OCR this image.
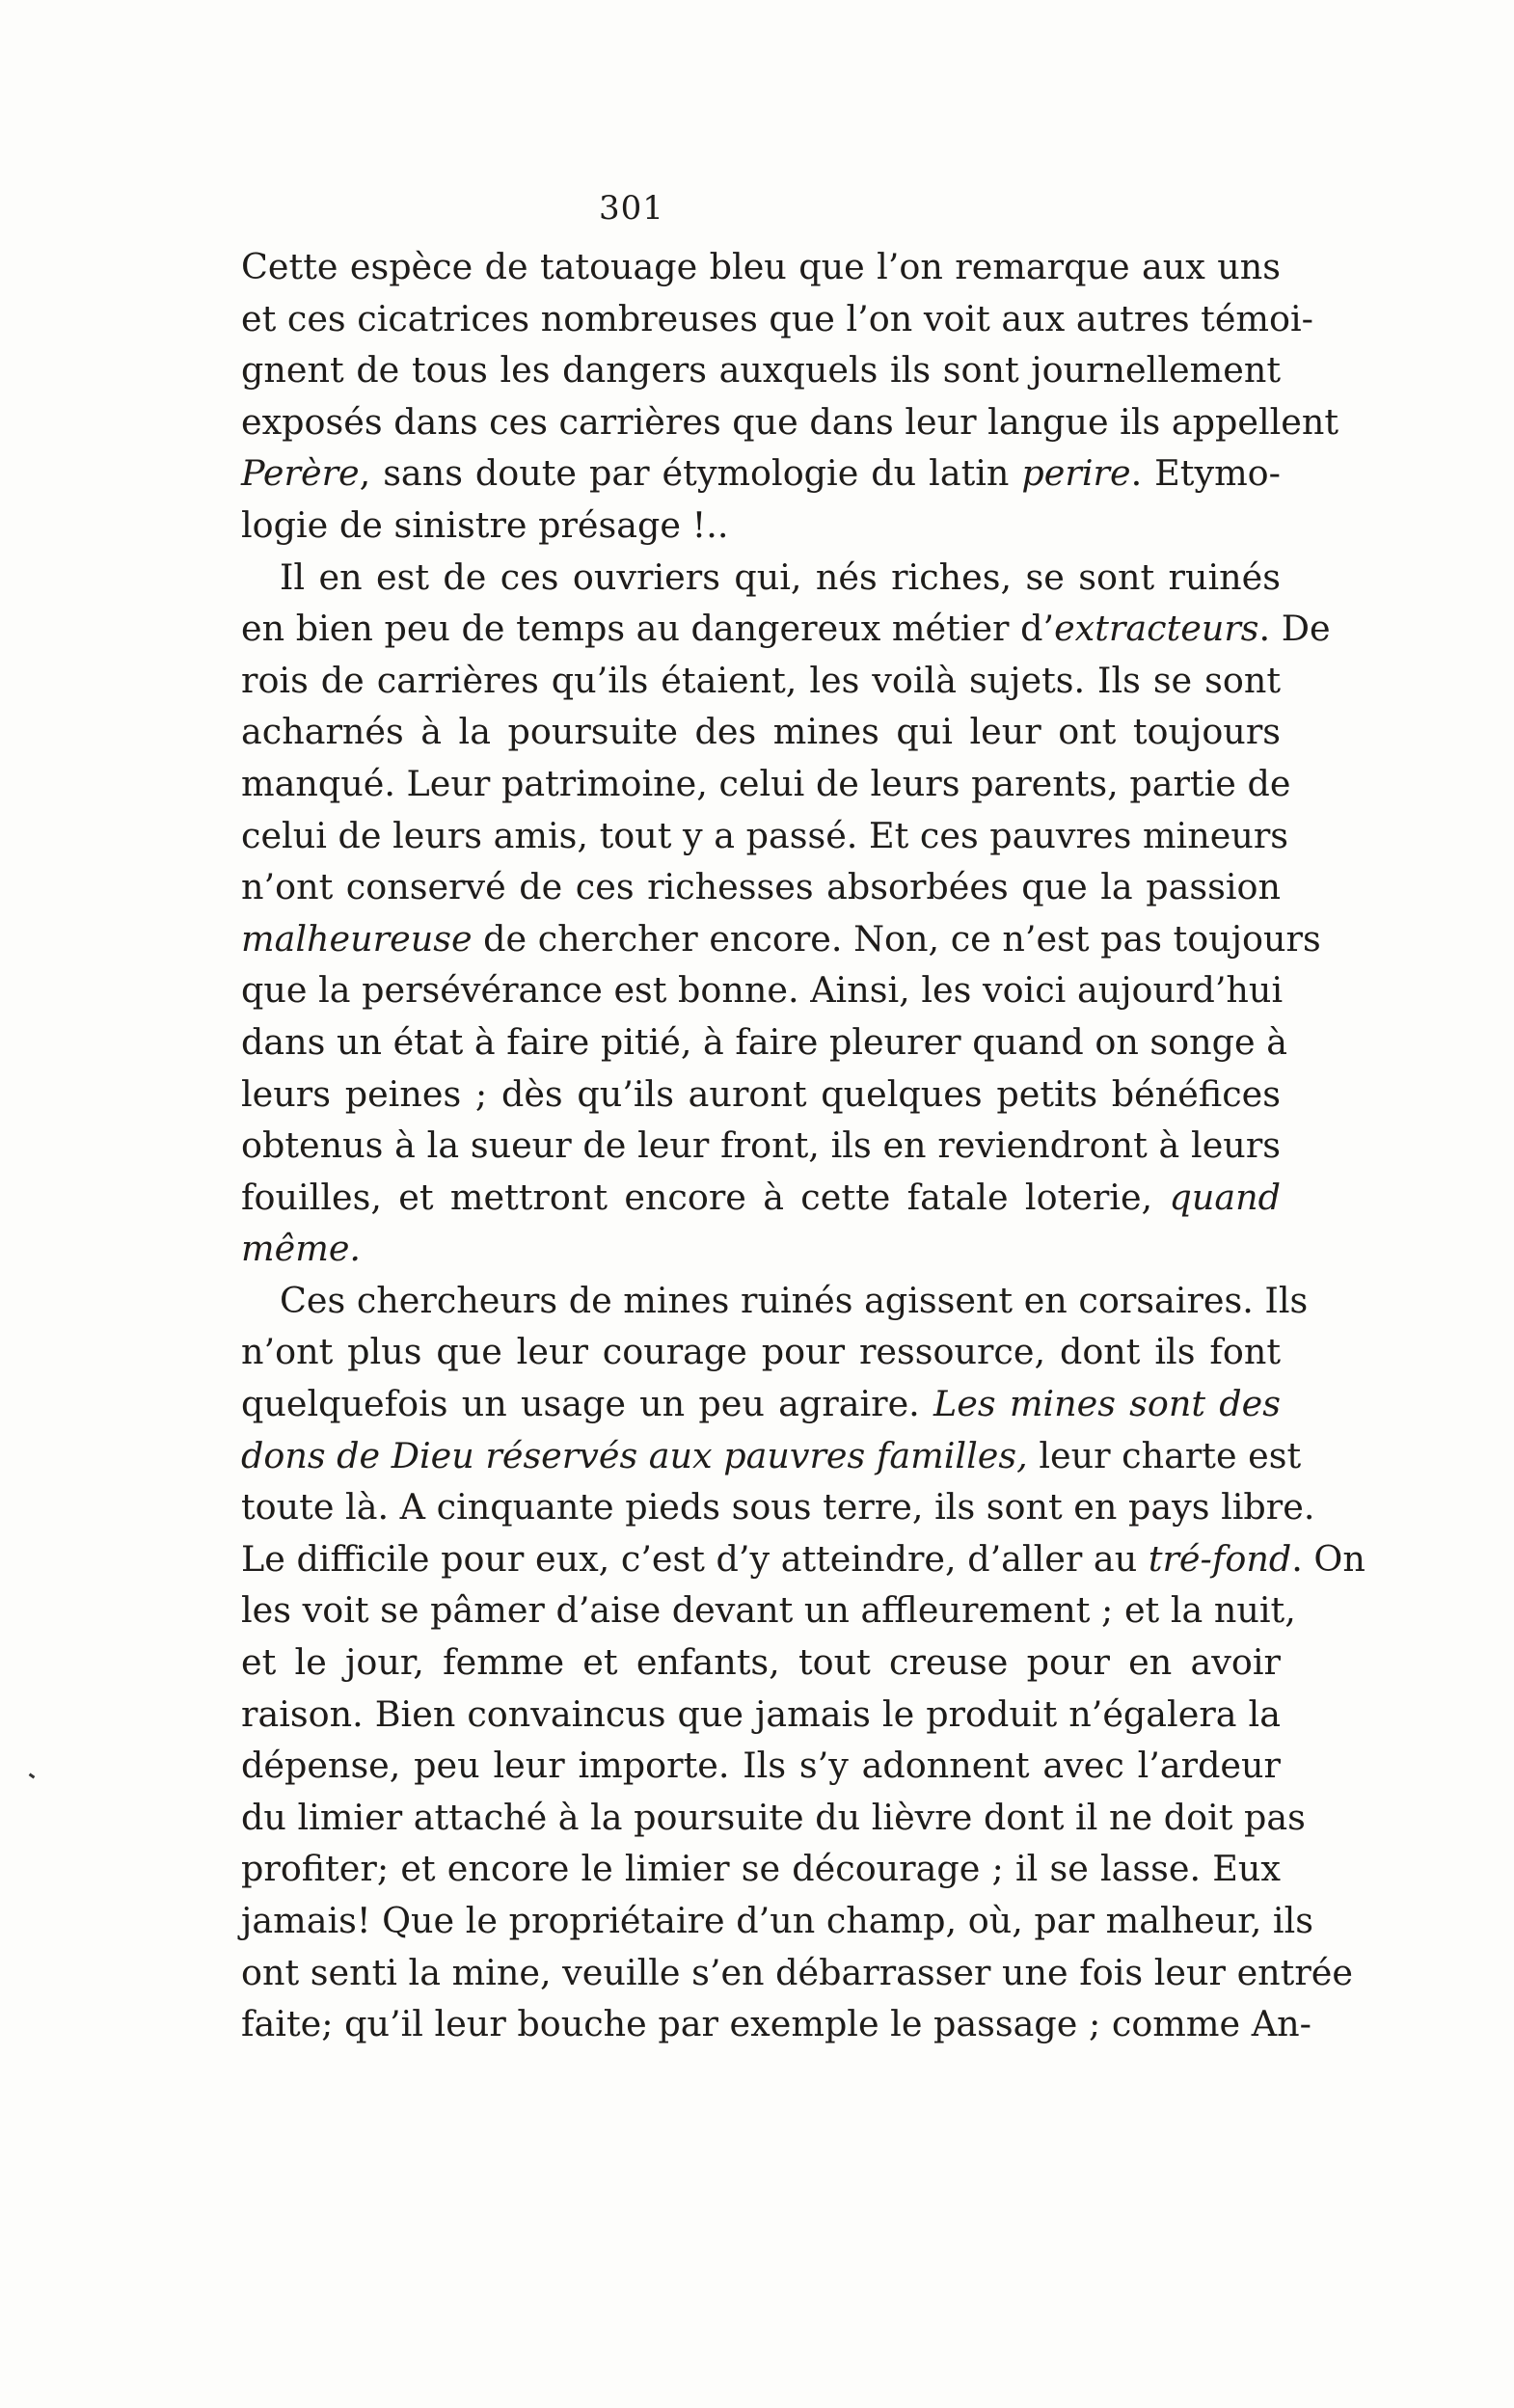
301

Cette espèce de tatouage bleu que l’on remarque aux uns
et ces cicatrices nombreuses que l’on voit aux autres témoi-
gnent de tous les dangers auxquels ils sont journellement
exposés dans ces carrières que dans leur langue ils appellent
Perère, sans doute par étymologie du latin perire. Etymo-
logie de sinistre présage !..

Il en est de ces ouvriers qui, nés riches, se sont ruinés
en bien peu de temps au dangereux métier d’extracteurs. De
rois de carrières qu’ils étaient, les voilà sujets. Ils se sont
acharnés à la poursuite des mines qui leur ont toujours
manqué. Leur patrimoine, celui de leurs parents, partie de
celui de leurs amis, tout y a passé. Et ces pauvres mineurs
n’ont conservé de ces richesses absorbées que la passion
malheureuse de chercher encore. Non, ce n’est pas toujours
que la persévérance est bonne. Ainsi, les voici aujourd’hui
dans un état à faire pitié, à faire pleurer quand on songe à
leurs peines ; dès qu’ils auront quelques petits bénéfices
obtenus à la sueur de leur front, ils en reviendront à leurs
fouilles, et mettront encore à cette fatale loterie, quand
même.

Ces chercheurs de mines ruinés agissent en corsaires. Ils
n’ont plus que leur courage pour ressource, dont ils font
quelquefois un usage un peu agraire. Les mines sont des
dons de Dieu réservés aux pauvres familles, leur charte est
toute là. A cinquante pieds sous terre, ils sont en pays libre.
Le difficile pour eux, c’est d’y atteindre, d’aller au tré-fond. On
les voit se pâmer d’aise devant un affleurement ; et la nuit,
et le jour, femme et enfants, tout creuse pour en avoir
raison. Bien convaincus que jamais le produit n’égalera la
dépense, peu leur importe. Ils s’y adonnent avec l’ardeur
du limier attaché à la poursuite du lièvre dont il ne doit pas
profiter; et encore le limier se décourage ; il se lasse. Eux
jamais! Que le propriétaire d’un champ, où, par malheur, ils
ont senti la mine, veuille s’en débarrasser une fois leur entrée
faite; qu’il leur bouche par exemple le passage ; comme An-
